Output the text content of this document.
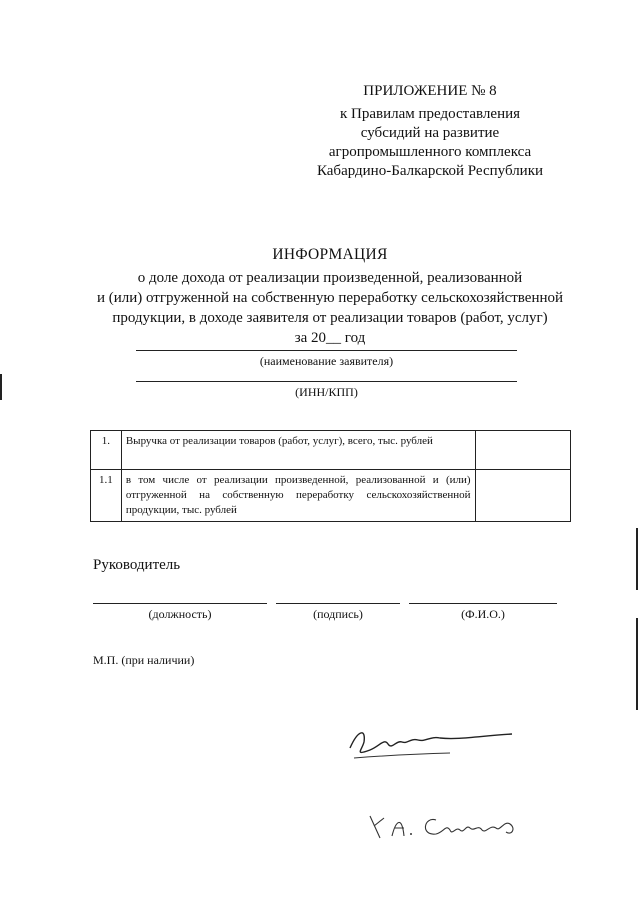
ПРИЛОЖЕНИЕ № 8
к Правилам предоставления
субсидий на развитие
агропромышленного комплекса
Кабардино-Балкарской Республики
ИНФОРМАЦИЯ
о доле дохода от реализации произведенной, реализованной
и (или) отгруженной на собственную переработку сельскохозяйственной
продукции, в доходе заявителя от реализации товаров (работ, услуг)
за 20__ год
(наименование заявителя)
(ИНН/КПП)
1.	Выручка от реализации товаров (работ, услуг), всего, тыс. рублей	
1.1	в том числе от реализации произведенной, реализованной и (или) отгруженной на собственную переработку сельскохозяйственной продукции, тыс. рублей	
Руководитель
(должность)	(подпись)	(Ф.И.О.)
М.П. (при наличии)
